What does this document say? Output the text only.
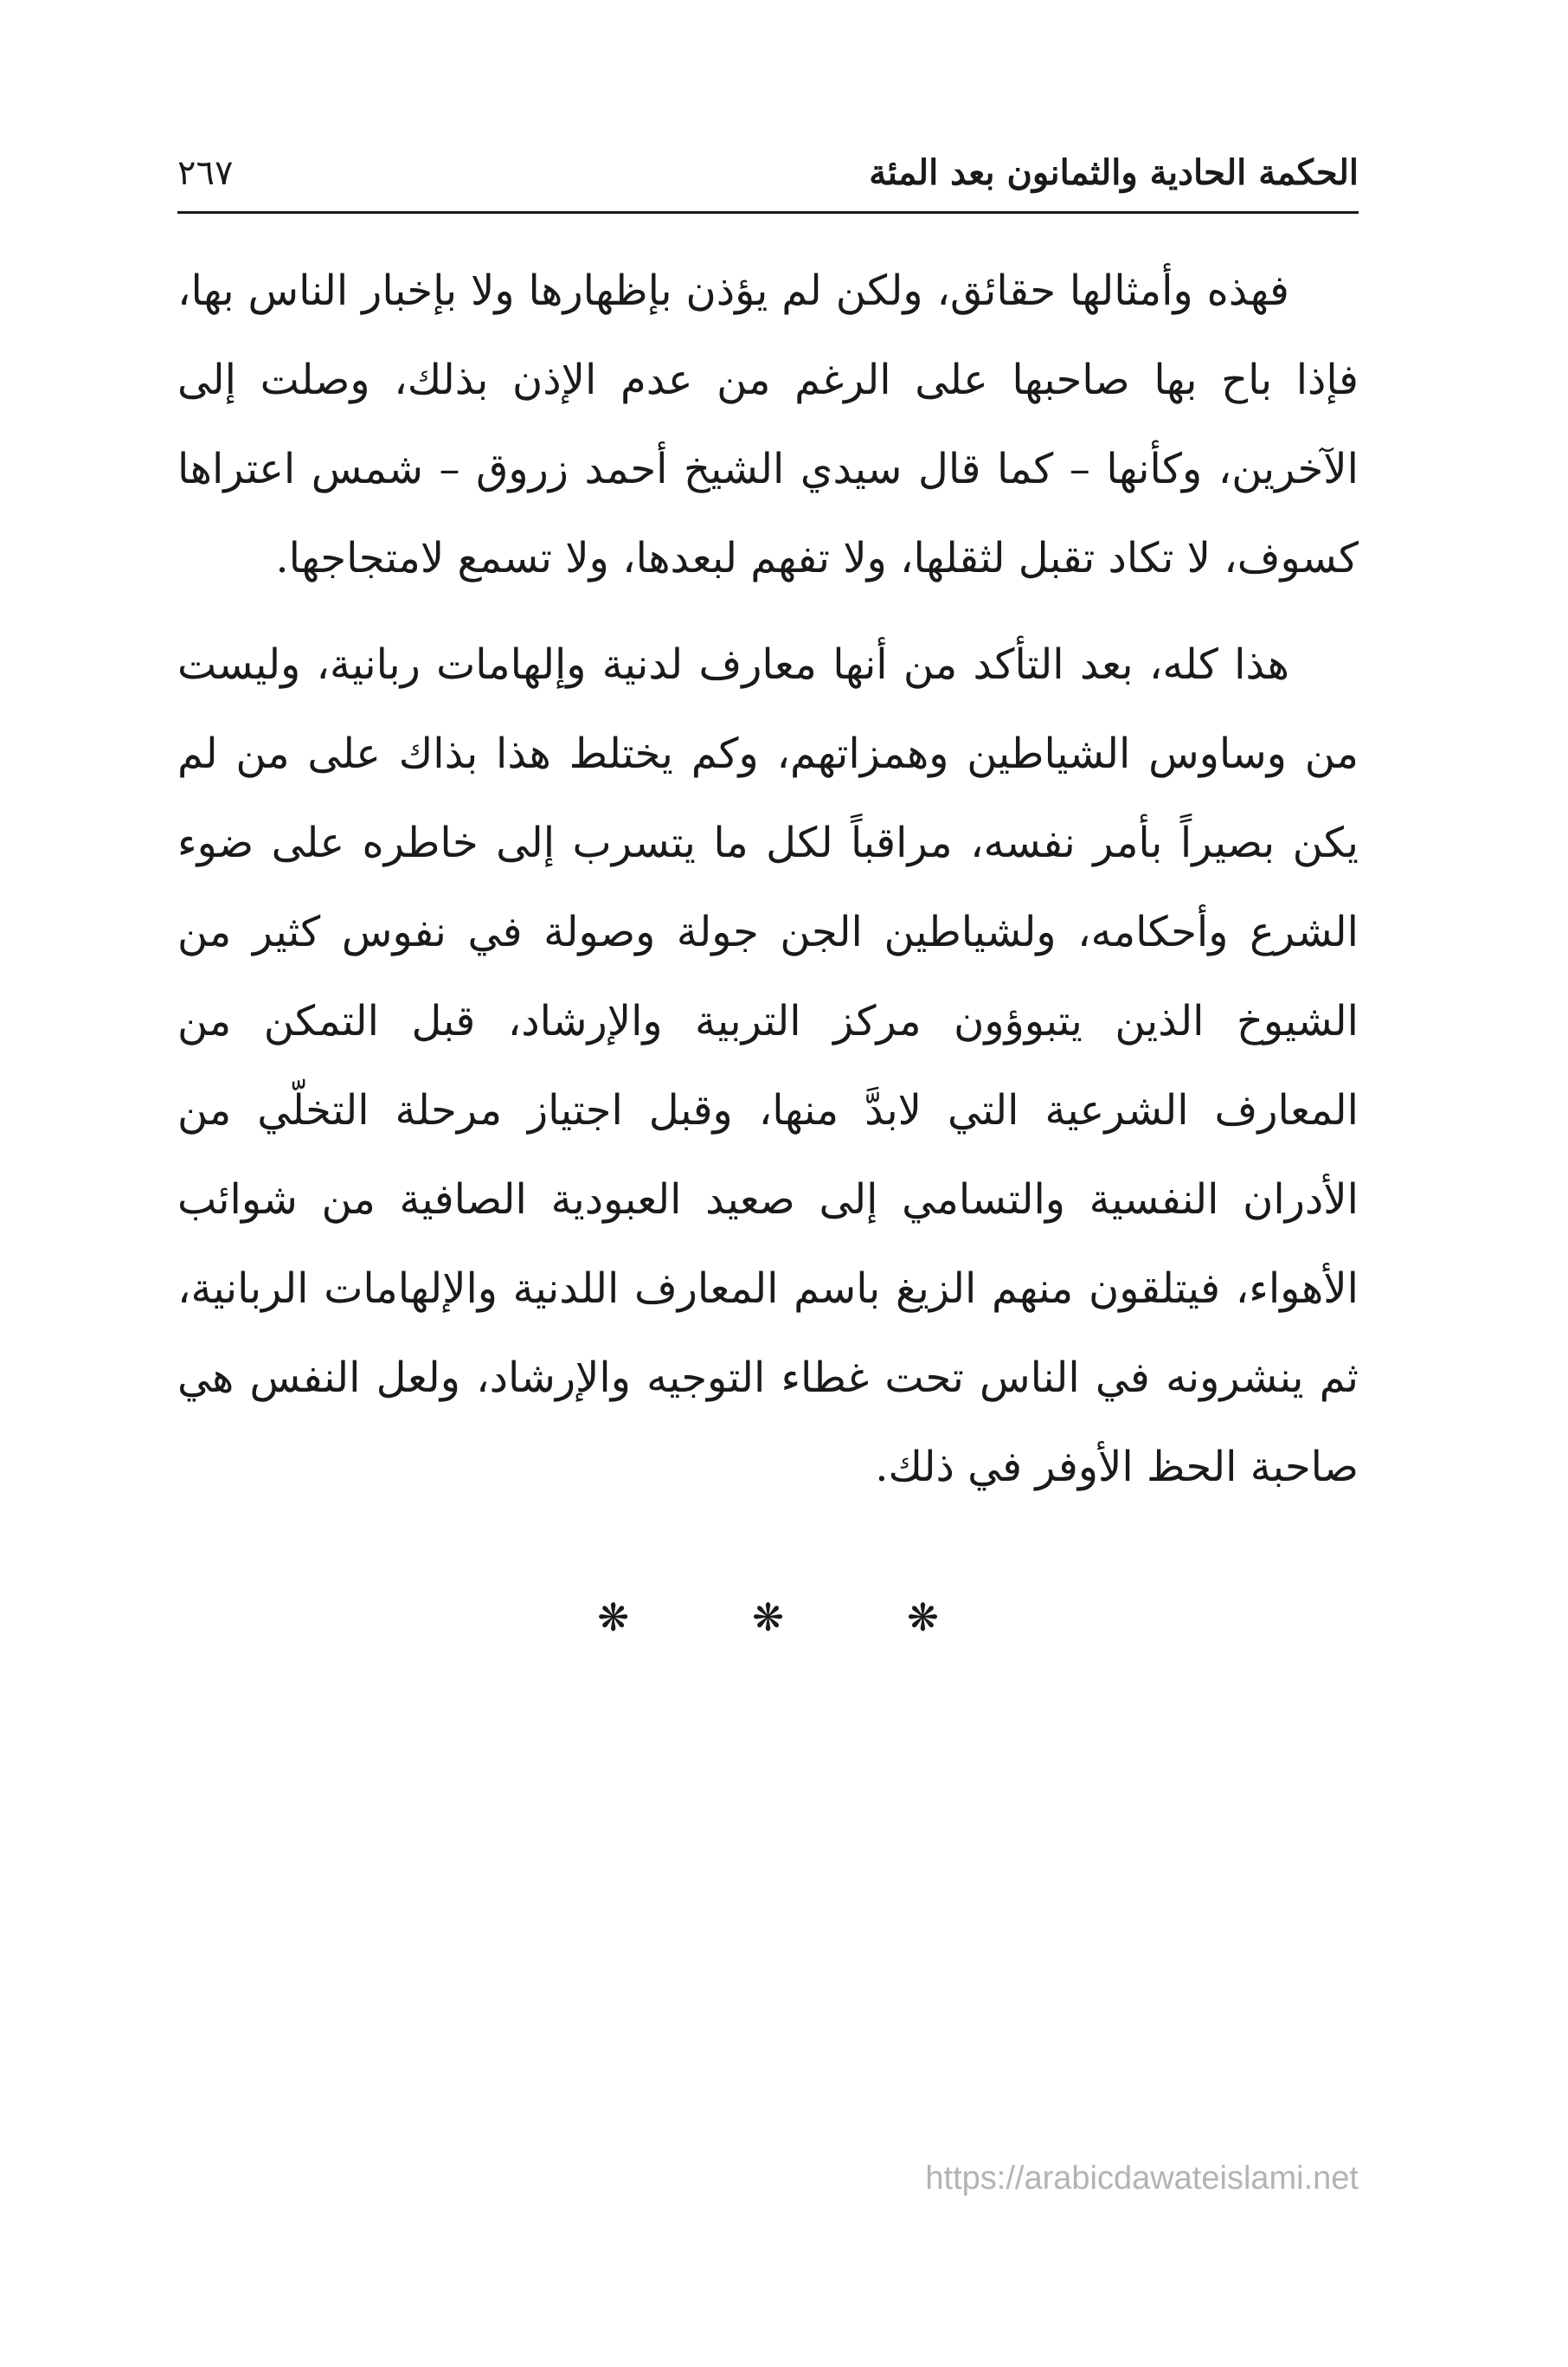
الحكمة الحادية والثمانون بعد المئة
٢٦٧

فهذه وأمثالها حقائق، ولكن لم يؤذن بإظهارها ولا بإخبار الناس بها، فإذا باح بها صاحبها على الرغم من عدم الإذن بذلك، وصلت إلى الآخرين، وكأنها – كما قال سيدي الشيخ أحمد زروق – شمس اعتراها كسوف، لا تكاد تقبل لثقلها، ولا تفهم لبعدها، ولا تسمع لامتجاجها.

هذا كله، بعد التأكد من أنها معارف لدنية وإلهامات ربانية، وليست من وساوس الشياطين وهمزاتهم، وكم يختلط هذا بذاك على من لم يكن بصيراً بأمر نفسه، مراقباً لكل ما يتسرب إلى خاطره على ضوء الشرع وأحكامه، ولشياطين الجن جولة وصولة في نفوس كثير من الشيوخ الذين يتبوؤون مركز التربية والإرشاد، قبل التمكن من المعارف الشرعية التي لابدَّ منها، وقبل اجتياز مرحلة التخلّي من الأدران النفسية والتسامي إلى صعيد العبودية الصافية من شوائب الأهواء، فيتلقون منهم الزيغ باسم المعارف اللدنية والإلهامات الربانية، ثم ينشرونه في الناس تحت غطاء التوجيه والإرشاد، ولعل النفس هي صاحبة الحظ الأوفر في ذلك.

❋ ❋ ❋
https://arabicdawateislami.net
